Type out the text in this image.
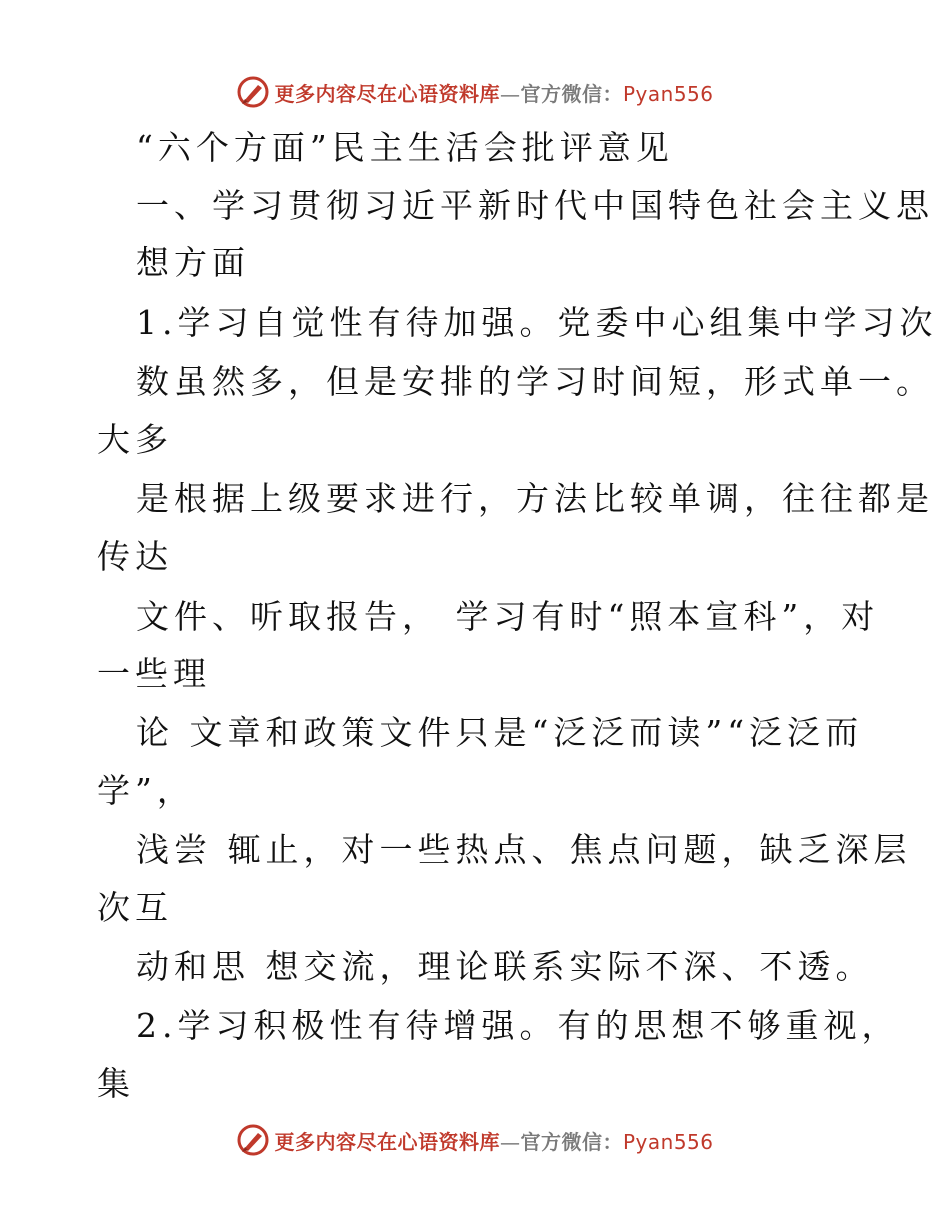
更多内容尽在心语资料库—官方微信：Pyan556
“六个方面”民主生活会批评意见
一、学习贯彻习近平新时代中国特色社会主义思
想方面
1.学习自觉性有待加强。党委中心组集中学习次
数虽然多，但是安排的学习时间短，形式单一。
大多
是根据上级要求进行，方法比较单调，往往都是
传达
文件、听取报告， 学习有时“照本宣科”，对
一些理
论 文章和政策文件只是“泛泛而读”“泛泛而
学”，
浅尝 辄止，对一些热点、焦点问题，缺乏深层
次互
动和思 想交流，理论联系实际不深、不透。
2.学习积极性有待增强。有的思想不够重视，
集
更多内容尽在心语资料库—官方微信：Pyan556
